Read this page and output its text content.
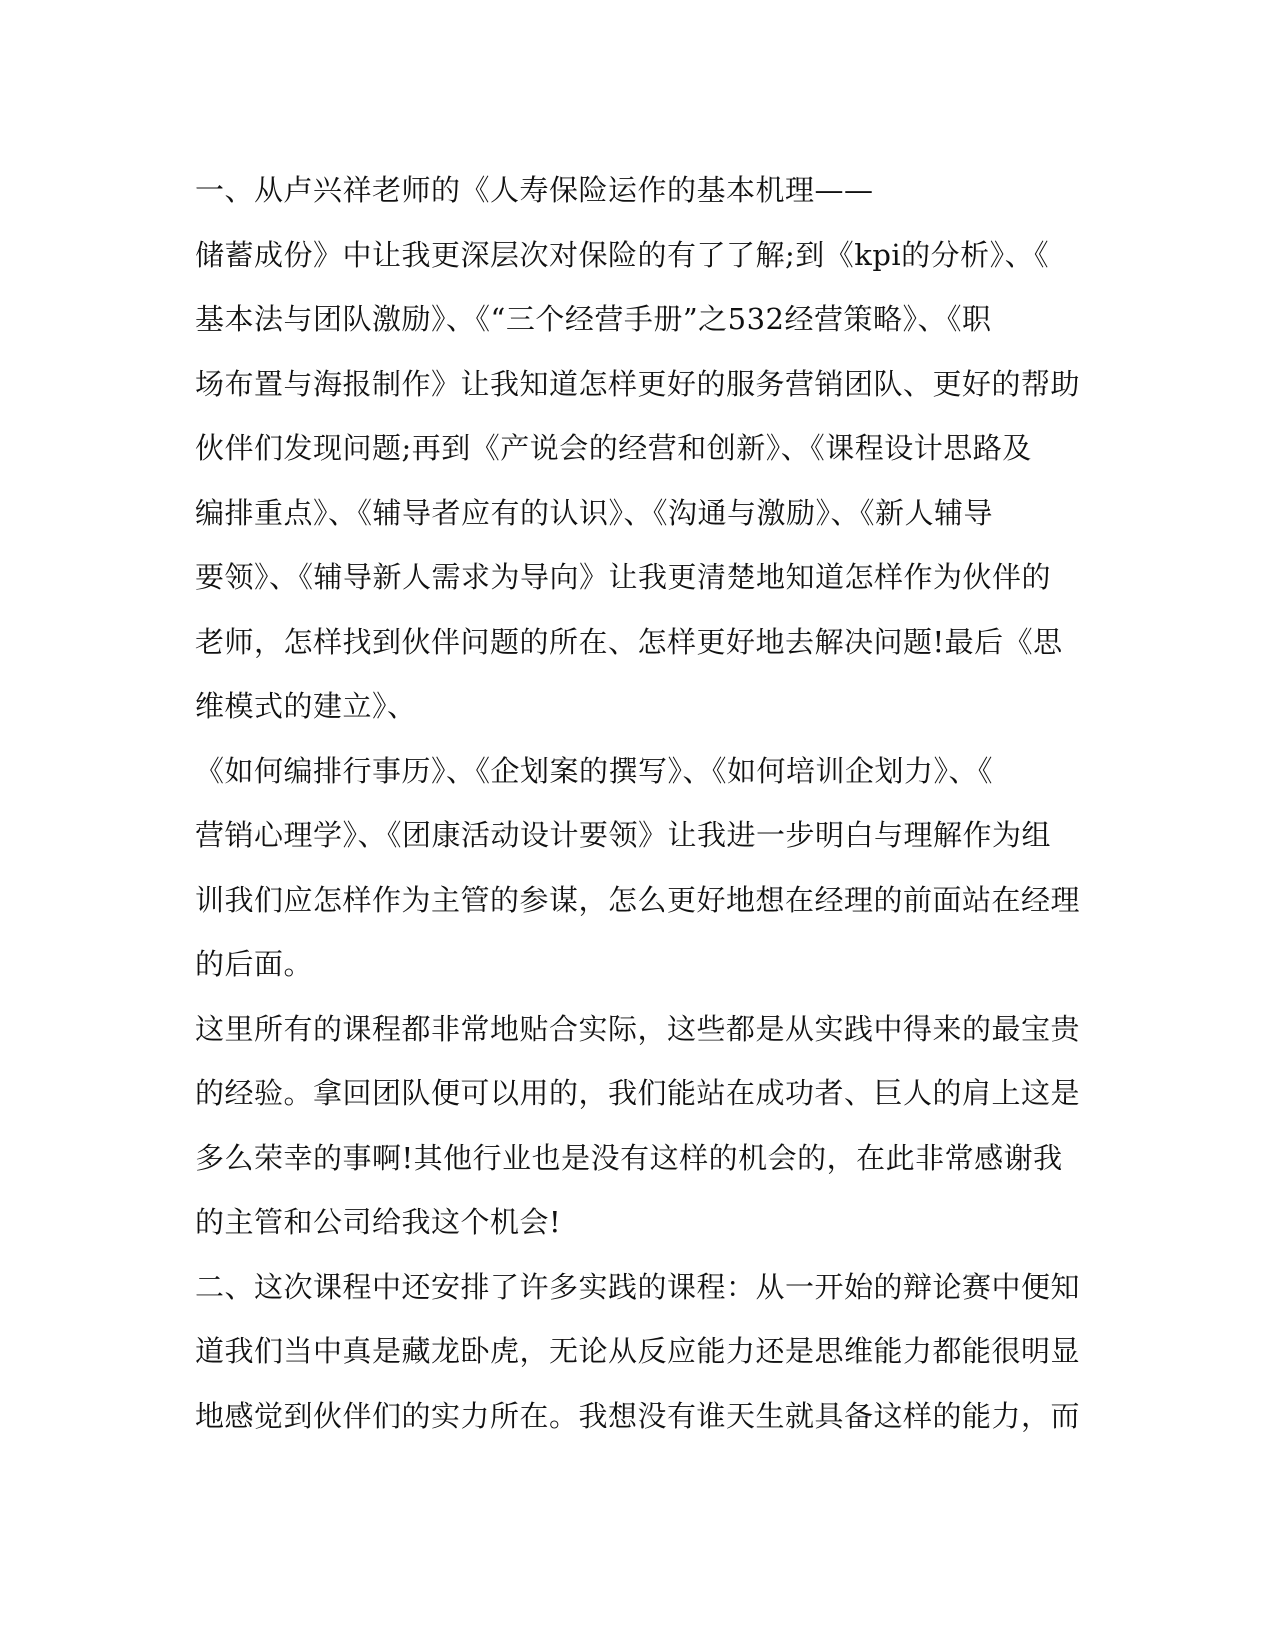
一、从卢兴祥老师的《人寿保险运作的基本机理——
储蓄成份》中让我更深层次对保险的有了了解;到《kpi的分析》、《
基本法与团队激励》、《“三个经营手册”之532经营策略》、《职
场布置与海报制作》让我知道怎样更好的服务营销团队、更好的帮助
伙伴们发现问题;再到《产说会的经营和创新》、《课程设计思路及
编排重点》、《辅导者应有的认识》、《沟通与激励》、《新人辅导
要领》、《辅导新人需求为导向》让我更清楚地知道怎样作为伙伴的
老师，怎样找到伙伴问题的所在、怎样更好地去解决问题!最后《思
维模式的建立》、
《如何编排行事历》、《企划案的撰写》、《如何培训企划力》、《
营销心理学》、《团康活动设计要领》让我进一步明白与理解作为组
训我们应怎样作为主管的参谋，怎么更好地想在经理的前面站在经理
的后面。
这里所有的课程都非常地贴合实际，这些都是从实践中得来的最宝贵
的经验。拿回团队便可以用的，我们能站在成功者、巨人的肩上这是
多么荣幸的事啊!其他行业也是没有这样的机会的，在此非常感谢我
的主管和公司给我这个机会!
二、这次课程中还安排了许多实践的课程：从一开始的辩论赛中便知
道我们当中真是藏龙卧虎，无论从反应能力还是思维能力都能很明显
地感觉到伙伴们的实力所在。我想没有谁天生就具备这样的能力，而
